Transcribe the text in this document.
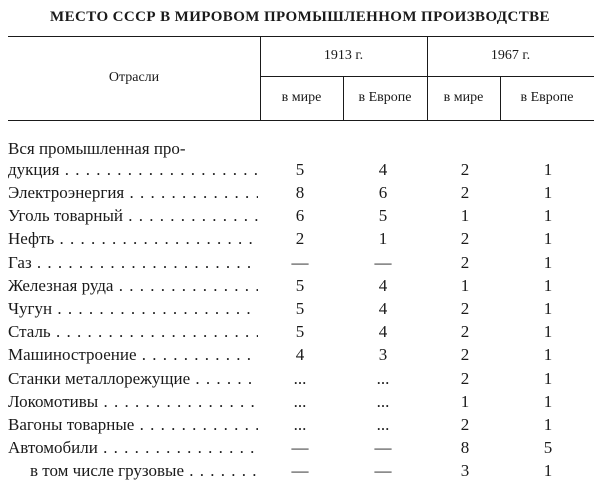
МЕСТО СССР В МИРОВОМ ПРОМЫШЛЕННОМ ПРОИЗВОДСТВЕ
Отрасли
1913 г.	1967 г.
в мире	в Европе	в мире	в Европе
Вся промышленная про-
дукция . . .	5	4	2	1
Электроэнергия . . .	8	6	2	1
Уголь товарный . . .	6	5	1	1
Нефть . . .	2	1	2	1
Газ . . .	—	—	2	1
Железная руда . . .	5	4	1	1
Чугун . . .	5	4	2	1
Сталь . . .	5	4	2	1
Машиностроение . . .	4	3	2	1
Станки металлорежущие . . .	...	...	2	1
Локомотивы . . .	...	...	1	1
Вагоны товарные . . .	...	...	2	1
Автомобили . . .	—	—	8	5
в том числе грузовые . . .	—	—	3	1
